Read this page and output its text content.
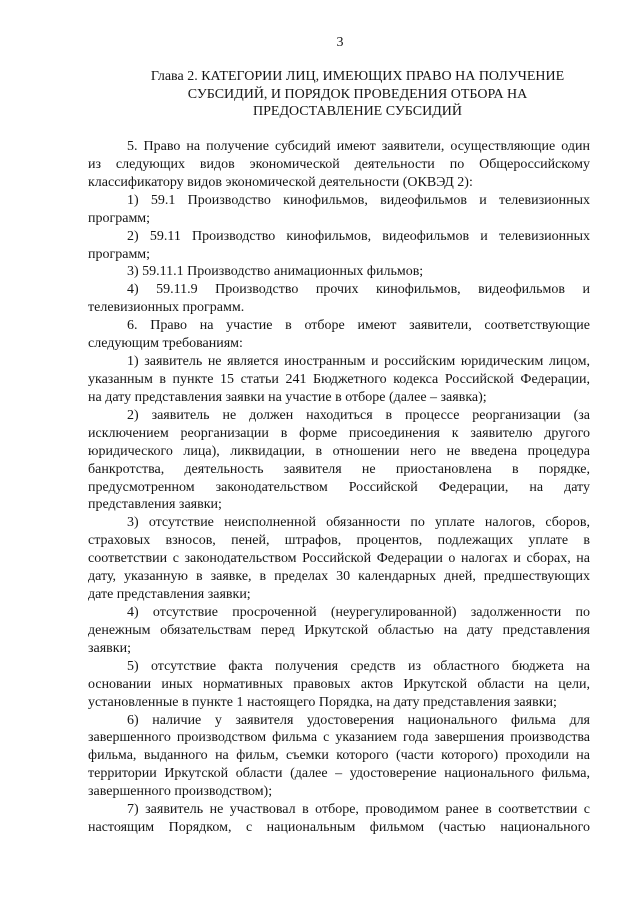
3
Глава 2. КАТЕГОРИИ ЛИЦ, ИМЕЮЩИХ ПРАВО НА ПОЛУЧЕНИЕ
СУБСИДИЙ, И ПОРЯДОК ПРОВЕДЕНИЯ ОТБОРА НА
ПРЕДОСТАВЛЕНИЕ СУБСИДИЙ
5. Право на получение субсидий имеют заявители, осуществляющие один
из следующих видов экономической деятельности по Общероссийскому
классификатору видов экономической деятельности (ОКВЭД 2):
1) 59.1 Производство кинофильмов, видеофильмов и телевизионных
программ;
2) 59.11 Производство кинофильмов, видеофильмов и телевизионных
программ;
3) 59.11.1 Производство анимационных фильмов;
4) 59.11.9 Производство прочих кинофильмов, видеофильмов и
телевизионных программ.
6. Право на участие в отборе имеют заявители, соответствующие
следующим требованиям:
1) заявитель не является иностранным и российским юридическим лицом,
указанным в пункте 15 статьи 241 Бюджетного кодекса Российской Федерации,
на дату представления заявки на участие в отборе (далее – заявка);
2) заявитель не должен находиться в процессе реорганизации (за
исключением реорганизации в форме присоединения к заявителю другого
юридического лица), ликвидации, в отношении него не введена процедура
банкротства, деятельность заявителя не приостановлена в порядке,
предусмотренном законодательством Российской Федерации, на дату
представления заявки;
3) отсутствие неисполненной обязанности по уплате налогов, сборов,
страховых взносов, пеней, штрафов, процентов, подлежащих уплате в
соответствии с законодательством Российской Федерации о налогах и сборах, на
дату, указанную в заявке, в пределах 30 календарных дней, предшествующих
дате представления заявки;
4) отсутствие просроченной (неурегулированной) задолженности по
денежным обязательствам перед Иркутской областью на дату представления
заявки;
5) отсутствие факта получения средств из областного бюджета на
основании иных нормативных правовых актов Иркутской области на цели,
установленные в пункте 1 настоящего Порядка, на дату представления заявки;
6) наличие у заявителя удостоверения национального фильма для
завершенного производством фильма с указанием года завершения производства
фильма, выданного на фильм, съемки которого (части которого) проходили на
территории Иркутской области (далее – удостоверение национального фильма,
завершенного производством);
7) заявитель не участвовал в отборе, проводимом ранее в соответствии с
настоящим Порядком, с национальным фильмом (частью национального
